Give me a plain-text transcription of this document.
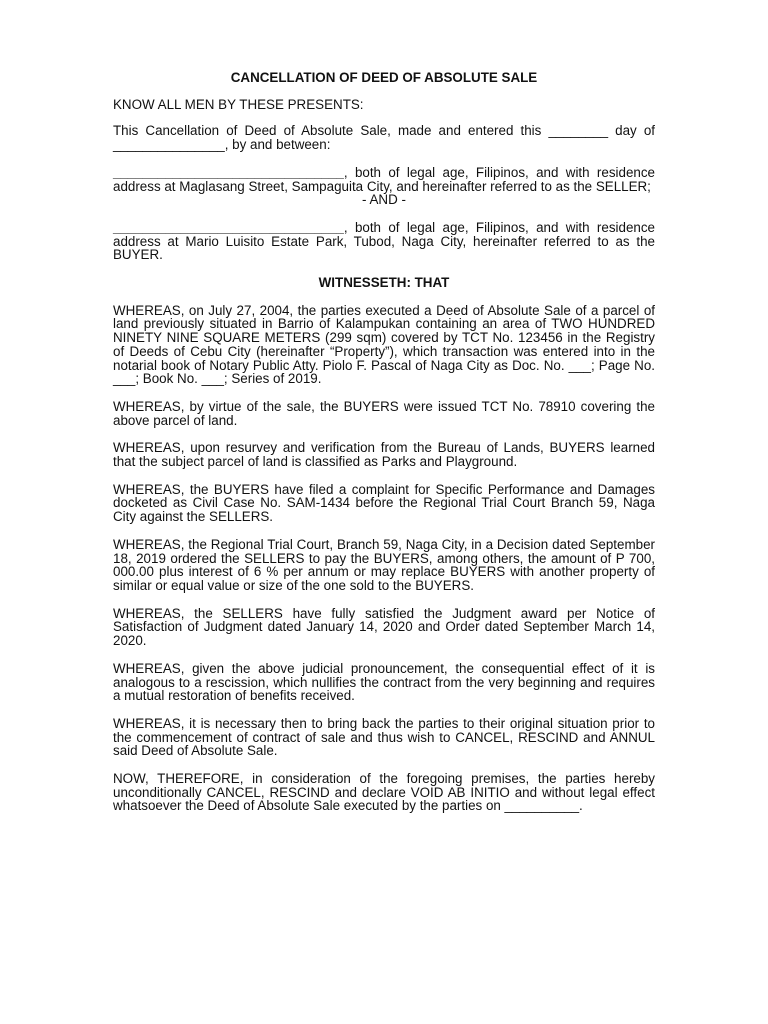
CANCELLATION OF DEED OF ABSOLUTE SALE
KNOW ALL MEN BY THESE PRESENTS:

This Cancellation of Deed of Absolute Sale, made and entered this ________ day of _______________, by and between:

_______________________________, both of legal age, Filipinos, and with residence address at Maglasang Street, Sampaguita City, and hereinafter referred to as the SELLER;

- AND -

_______________________________, both of legal age, Filipinos, and with residence address at Mario Luisito Estate Park, Tubod, Naga City, hereinafter referred to as the BUYER.

WITNESSETH: THAT

WHEREAS, on July 27, 2004, the parties executed a Deed of Absolute Sale of a parcel of land previously situated in Barrio of Kalampukan containing an area of TWO HUNDRED NINETY NINE SQUARE METERS (299 sqm) covered by TCT No. 123456 in the Registry of Deeds of Cebu City (hereinafter “Property”), which transaction was entered into in the notarial book of Notary Public Atty. Piolo F. Pascal of Naga City as Doc. No. ___; Page No. ___; Book No. ___; Series of 2019.

WHEREAS, by virtue of the sale, the BUYERS were issued TCT No. 78910 covering the above parcel of land.

WHEREAS, upon resurvey and verification from the Bureau of Lands, BUYERS learned that the subject parcel of land is classified as Parks and Playground.

WHEREAS, the BUYERS have filed a complaint for Specific Performance and Damages docketed as Civil Case No. SAM-1434 before the Regional Trial Court Branch 59, Naga City against the SELLERS.

WHEREAS, the Regional Trial Court, Branch 59, Naga City, in a Decision dated September 18, 2019 ordered the SELLERS to pay the BUYERS, among others, the amount of P 700, 000.00 plus interest of 6 % per annum or may replace BUYERS with another property of similar or equal value or size of the one sold to the BUYERS.

WHEREAS, the SELLERS have fully satisfied the Judgment award per Notice of Satisfaction of Judgment dated January 14, 2020 and Order dated September March 14, 2020.

WHEREAS, given the above judicial pronouncement, the consequential effect of it is analogous to a rescission, which nullifies the contract from the very beginning and requires a mutual restoration of benefits received.

WHEREAS, it is necessary then to bring back the parties to their original situation prior to the commencement of contract of sale and thus wish to CANCEL, RESCIND and ANNUL said Deed of Absolute Sale.

NOW, THEREFORE, in consideration of the foregoing premises, the parties hereby unconditionally CANCEL, RESCIND and declare VOID AB INITIO and without legal effect whatsoever the Deed of Absolute Sale executed by the parties on __________.
